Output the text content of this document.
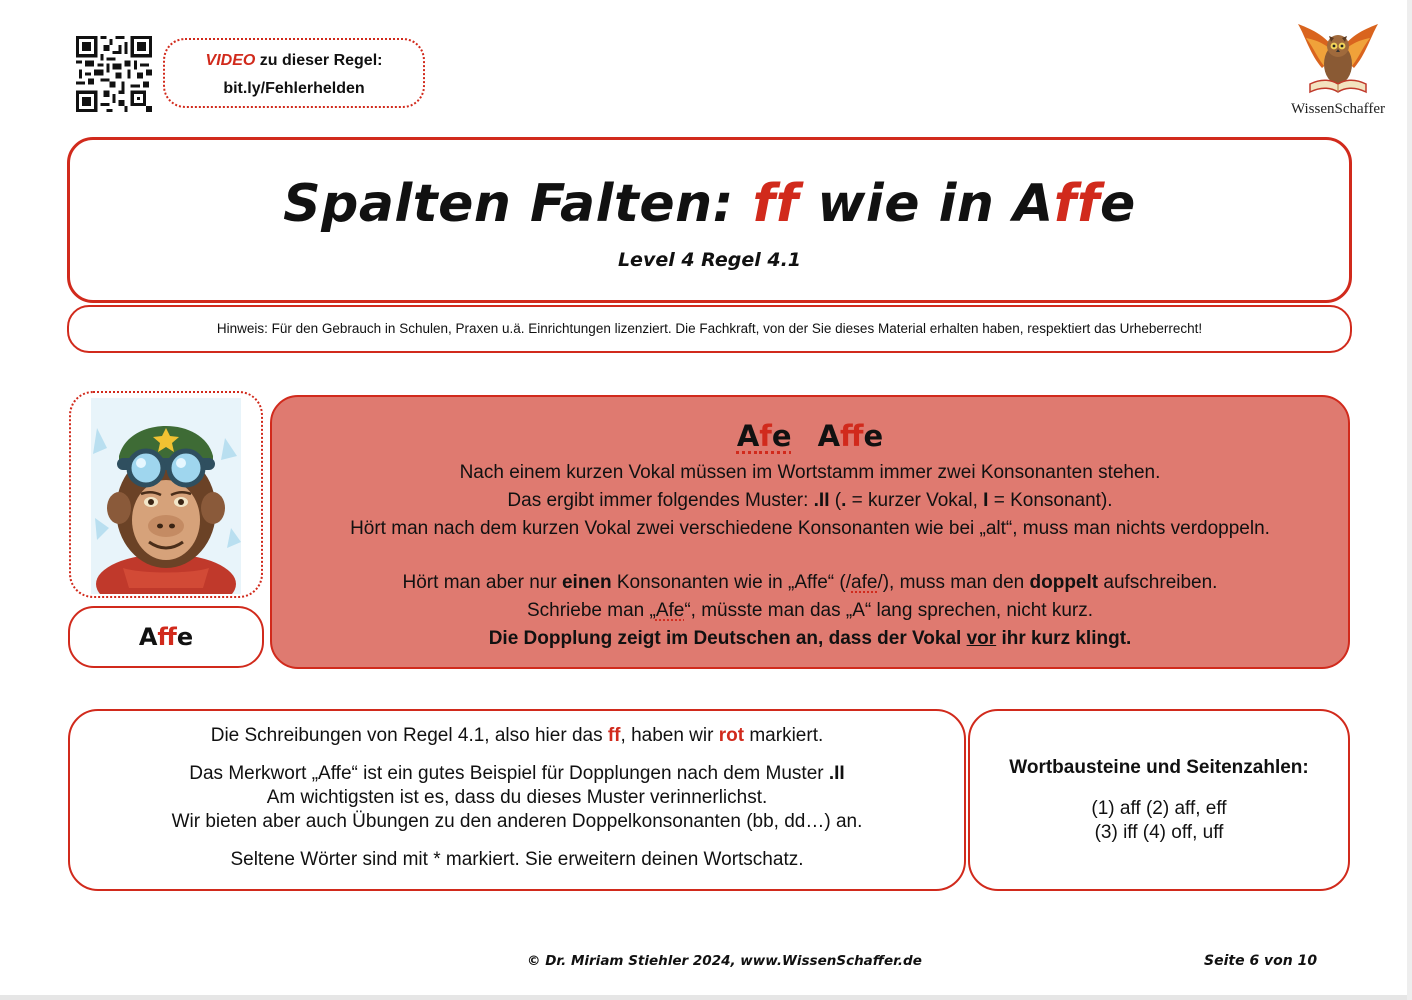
VIDEO zu dieser Regel:
bit.ly/Fehlerhelden
WissenSchaffer
Spalten Falten: ff wie in Affe
Level 4 Regel 4.1
Hinweis: Für den Gebrauch in Schulen, Praxen u.ä. Einrichtungen lizenziert. Die Fachkraft, von der Sie dieses Material erhalten haben, respektiert das Urheberrecht!
Affe
Afe Affe
Nach einem kurzen Vokal müssen im Wortstamm immer zwei Konsonanten stehen.
Das ergibt immer folgendes Muster: .II (. = kurzer Vokal, I = Konsonant).
Hört man nach dem kurzen Vokal zwei verschiedene Konsonanten wie bei „alt“, muss man nichts verdoppeln.
Hört man aber nur einen Konsonanten wie in „Affe“ (/afe/), muss man den doppelt aufschreiben.
Schriebe man „Afe“, müsste man das „A“ lang sprechen, nicht kurz.
Die Dopplung zeigt im Deutschen an, dass der Vokal vor ihr kurz klingt.
Die Schreibungen von Regel 4.1, also hier das ff, haben wir rot markiert.
Das Merkwort „Affe“ ist ein gutes Beispiel für Dopplungen nach dem Muster .II
Am wichtigsten ist es, dass du dieses Muster verinnerlichst.
Wir bieten aber auch Übungen zu den anderen Doppelkonsonanten (bb, dd…) an.
Seltene Wörter sind mit * markiert. Sie erweitern deinen Wortschatz.
Wortbausteine und Seitenzahlen:
(1) aff (2) aff, eff
(3) iff (4) off, uff
© Dr. Miriam Stiehler 2024, www.WissenSchaffer.de	Seite 6 von 10
